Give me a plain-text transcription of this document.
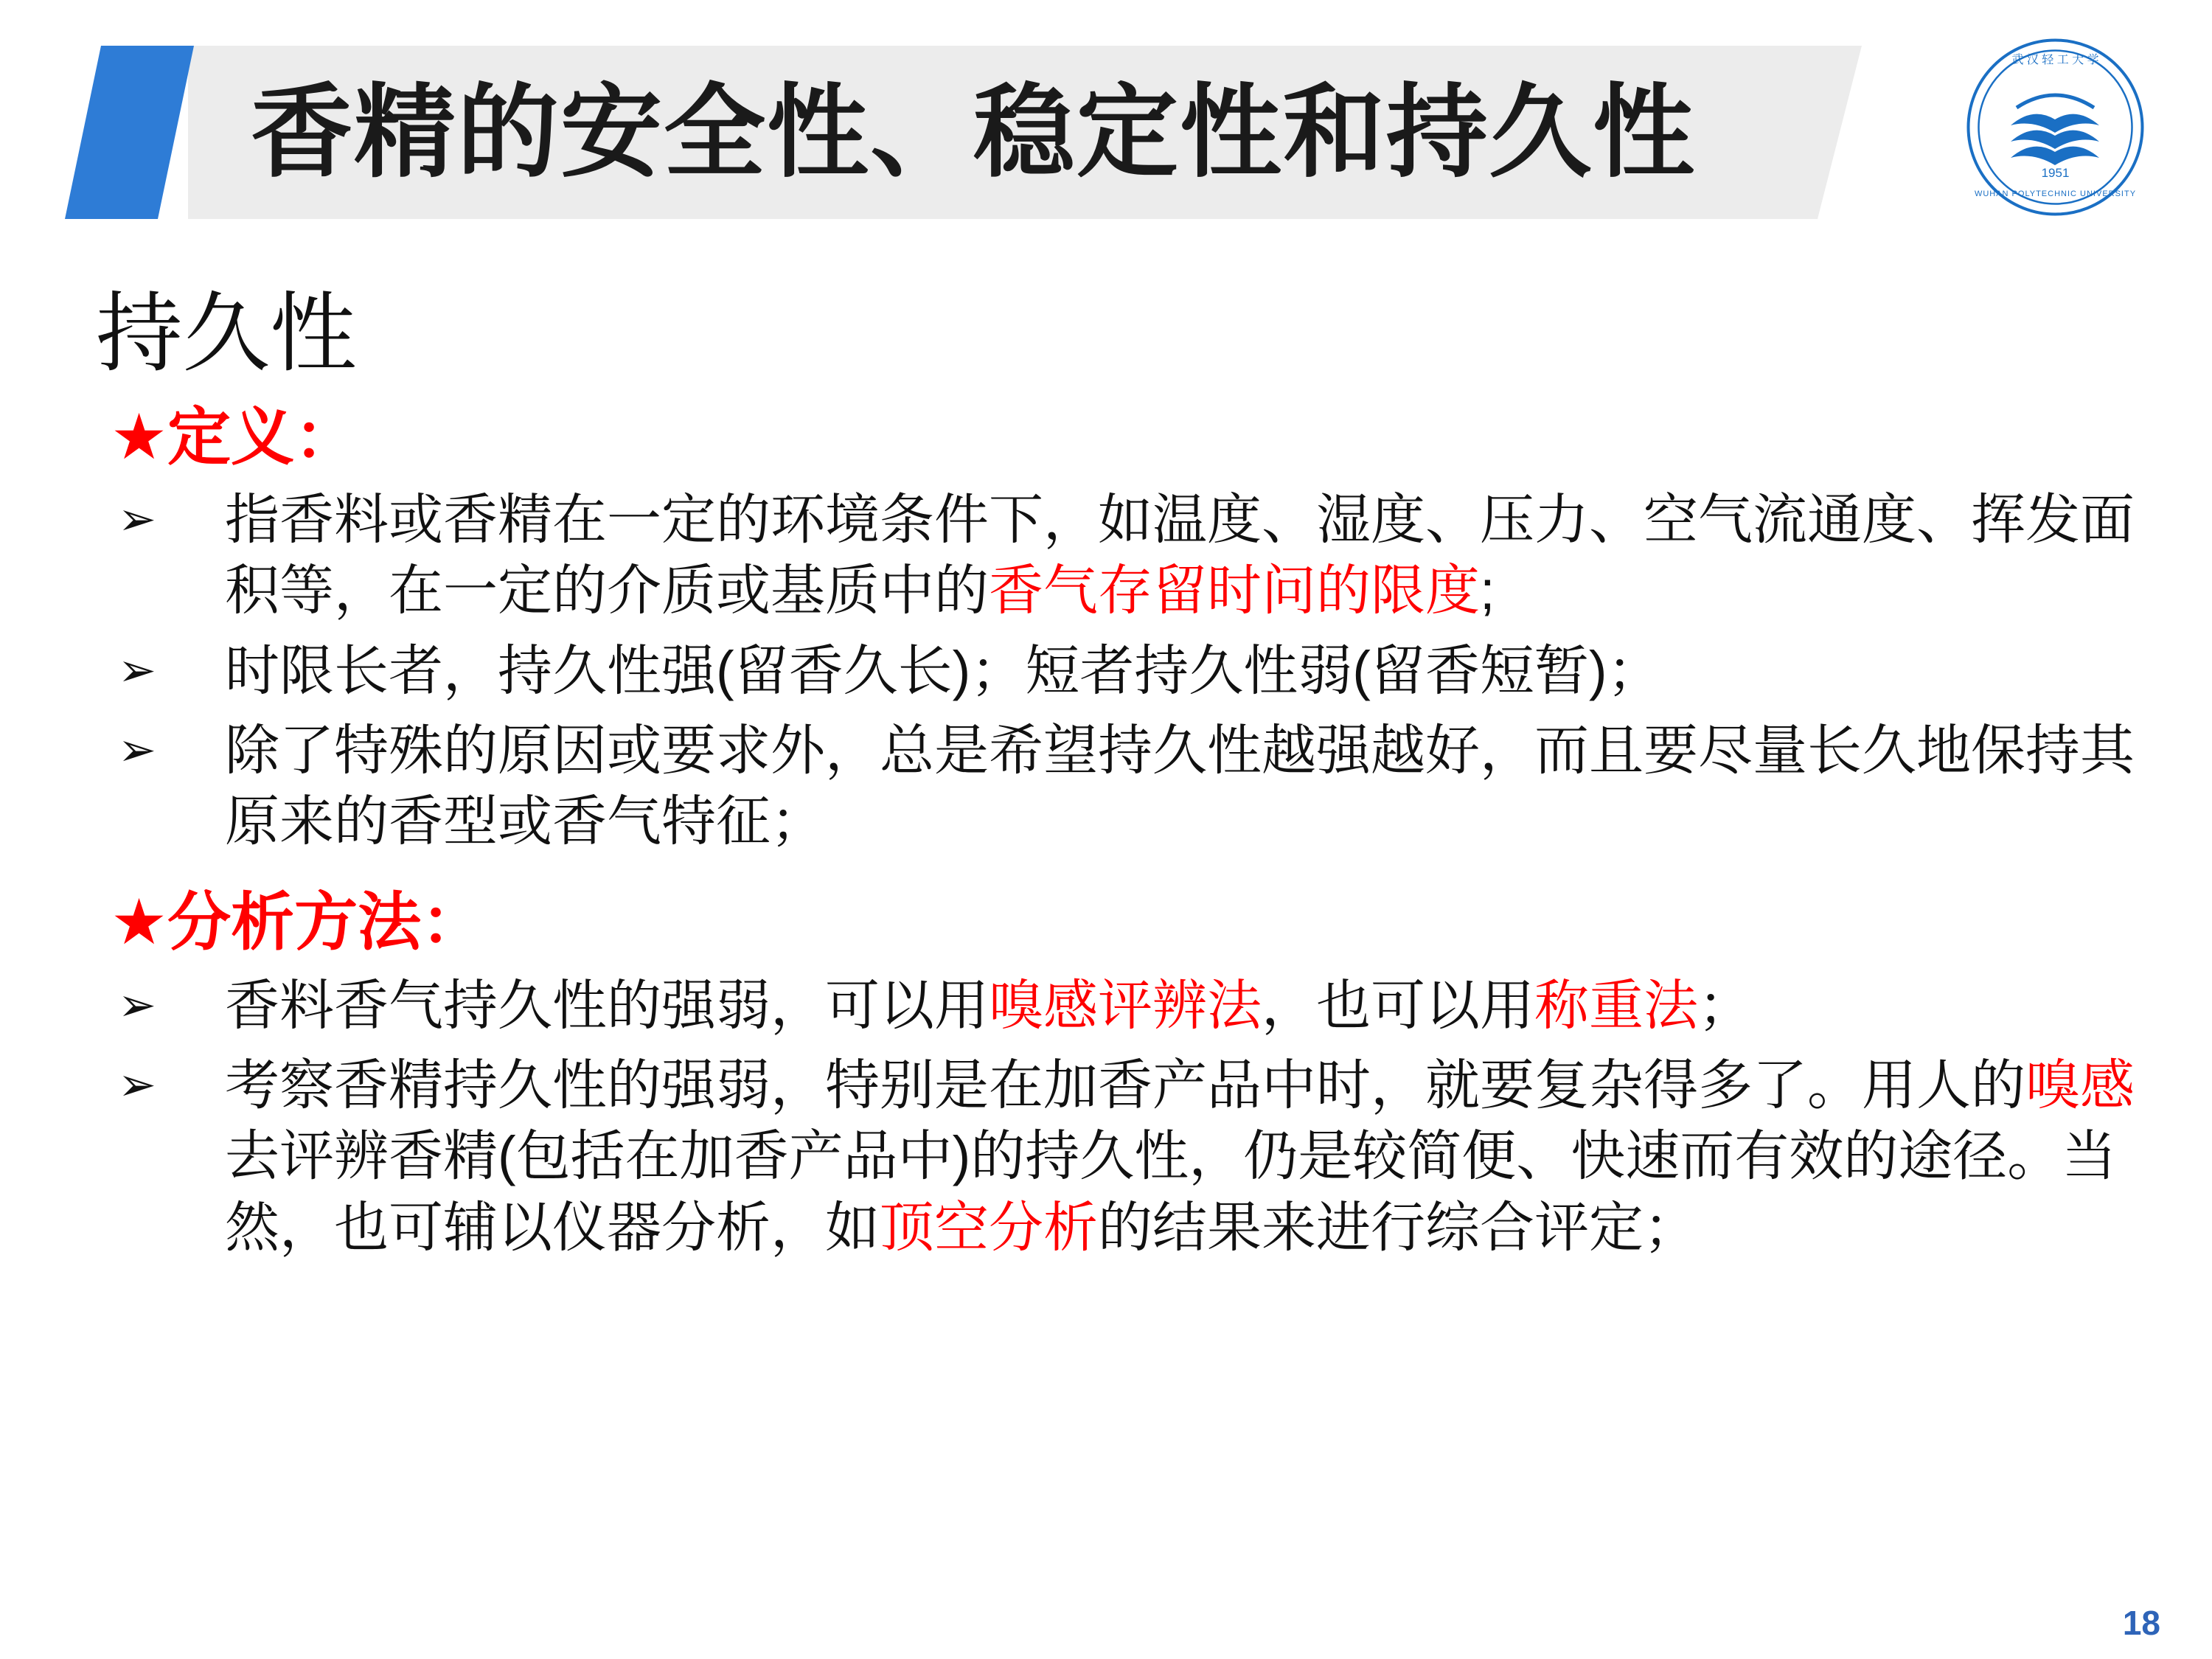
香精的安全性、稳定性和持久性	1951
武 汉 轻 工 大 学
WUHAN POLYTECHNIC UNIVERSITY
持久性
★定义：
➢ 指香料或香精在一定的环境条件下，如温度、湿度、压力、空气流通度、挥发面积等，在一定的介质或基质中的香气存留时问的限度;
➢ 时限长者，持久性强(留香久长)；短者持久性弱(留香短暂)；
➢ 除了特殊的原因或要求外，总是希望持久性越强越好，而且要尽量长久地保持其原来的香型或香气特征；
★分析方法：
➢ 香料香气持久性的强弱，可以用嗅感评辨法，也可以用称重法；
➢ 考察香精持久性的强弱，特别是在加香产品中时，就要复杂得多了。用人的嗅感去评辨香精(包括在加香产品中)的持久性，仍是较简便、快速而有效的途径。当然，也可辅以仪器分析，如顶空分析的结果来进行综合评定；
18
